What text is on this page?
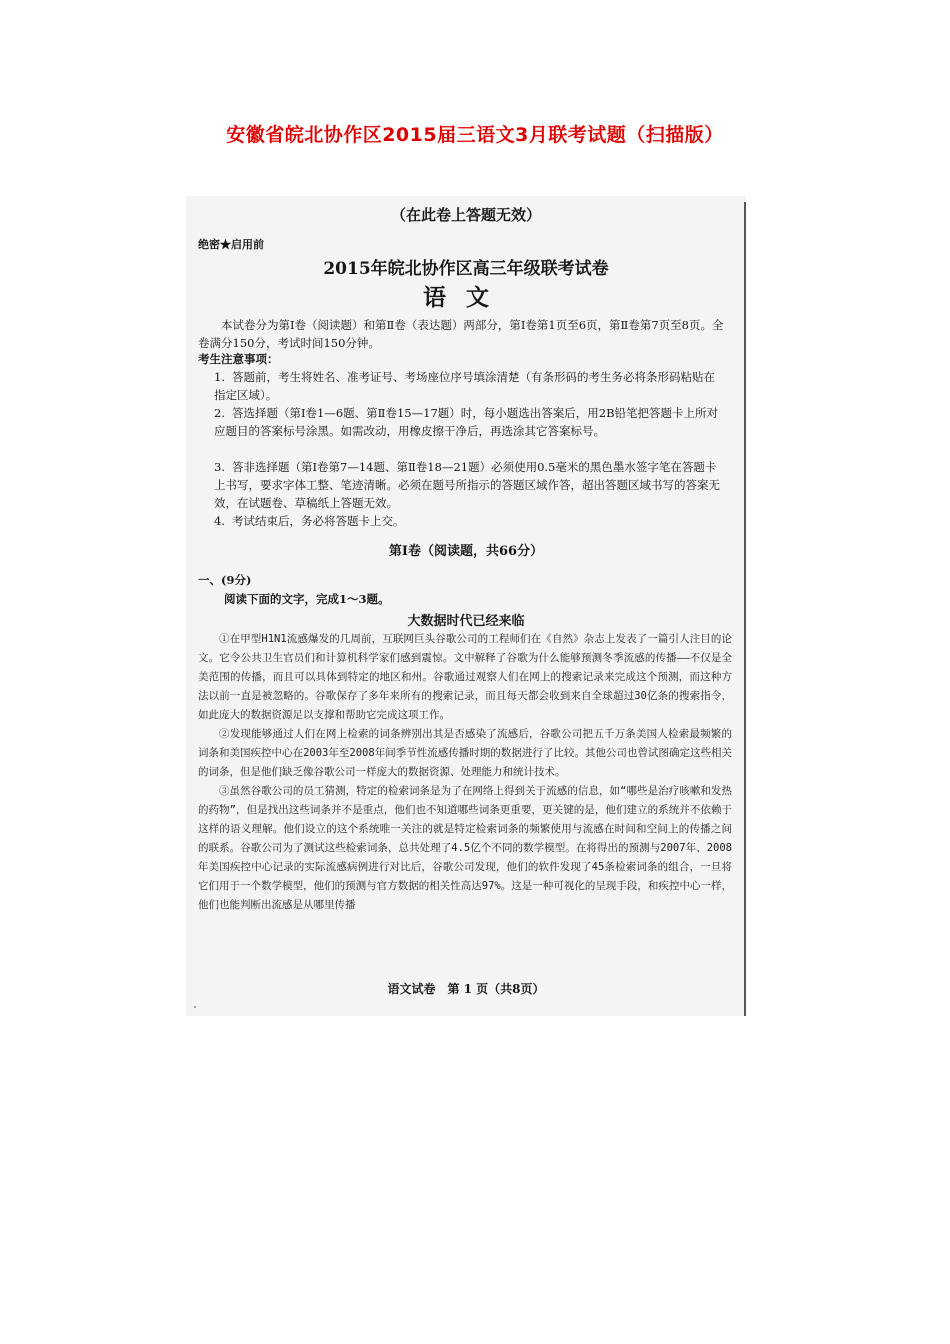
安徽省皖北协作区2015届三语文3月联考试题（扫描版）
（在此卷上答题无效）
绝密★启用前
2015年皖北协作区高三年级联考试卷
语文
本试卷分为第Ⅰ卷（阅读题）和第Ⅱ卷（表达题）两部分，第Ⅰ卷第1页至6页，第Ⅱ卷第7页至8页。全卷满分150分，考试时间150分钟。
考生注意事项：
1. 答题前，考生将姓名、准考证号、考场座位序号填涂清楚（有条形码的考生务必将条形码粘贴在指定区域）。
2. 答选择题（第Ⅰ卷1—6题、第Ⅱ卷15—17题）时，每小题选出答案后，用2B铅笔把答题卡上所对应题目的答案标号涂黑。如需改动，用橡皮擦干净后，再选涂其它答案标号。
3. 答非选择题（第Ⅰ卷第7—14题、第Ⅱ卷18—21题）必须使用0.5毫米的黑色墨水签字笔在答题卡上书写，要求字体工整、笔迹清晰。必须在题号所指示的答题区域作答，超出答题区域书写的答案无效，在试题卷、草稿纸上答题无效。
4. 考试结束后，务必将答题卡上交。
第Ⅰ卷（阅读题，共66分）
一、(9分)
阅读下面的文字，完成1～3题。
大数据时代已经来临

①在甲型H1N1流感爆发的几周前，互联网巨头谷歌公司的工程师们在《自然》杂志上发表了一篇引人注目的论文。它令公共卫生官员们和计算机科学家们感到震惊。文中解释了谷歌为什么能够预测冬季流感的传播——不仅是全美范围的传播，而且可以具体到特定的地区和州。谷歌通过观察人们在网上的搜索记录来完成这个预测，而这种方法以前一直是被忽略的。谷歌保存了多年来所有的搜索记录，而且每天都会收到来自全球超过30亿条的搜索指令，如此庞大的数据资源足以支撑和帮助它完成这项工作。

②发现能够通过人们在网上检索的词条辨别出其是否感染了流感后，谷歌公司把五千万条美国人检索最频繁的词条和美国疾控中心在2003年至2008年间季节性流感传播时期的数据进行了比较。其他公司也曾试图确定这些相关的词条，但是他们缺乏像谷歌公司一样庞大的数据资源、处理能力和统计技术。

③虽然谷歌公司的员工猜测，特定的检索词条是为了在网络上得到关于流感的信息，如“哪些是治疗咳嗽和发热的药物”，但是找出这些词条并不是重点，他们也不知道哪些词条更重要，更关键的是，他们建立的系统并不依赖于这样的语义理解。他们设立的这个系统唯一关注的就是特定检索词条的频繁使用与流感在时间和空间上的传播之间的联系。谷歌公司为了测试这些检索词条，总共处理了4.5亿个不同的数学模型。在将得出的预测与2007年、2008年美国疾控中心记录的实际流感病例进行对比后，谷歌公司发现，他们的软件发现了45条检索词条的组合，一旦将它们用于一个数学模型，他们的预测与官方数据的相关性高达97%。这是一种可视化的呈现手段，和疾控中心一样，他们也能判断出流感是从哪里传播

语文试卷　第 1 页（共8页）
